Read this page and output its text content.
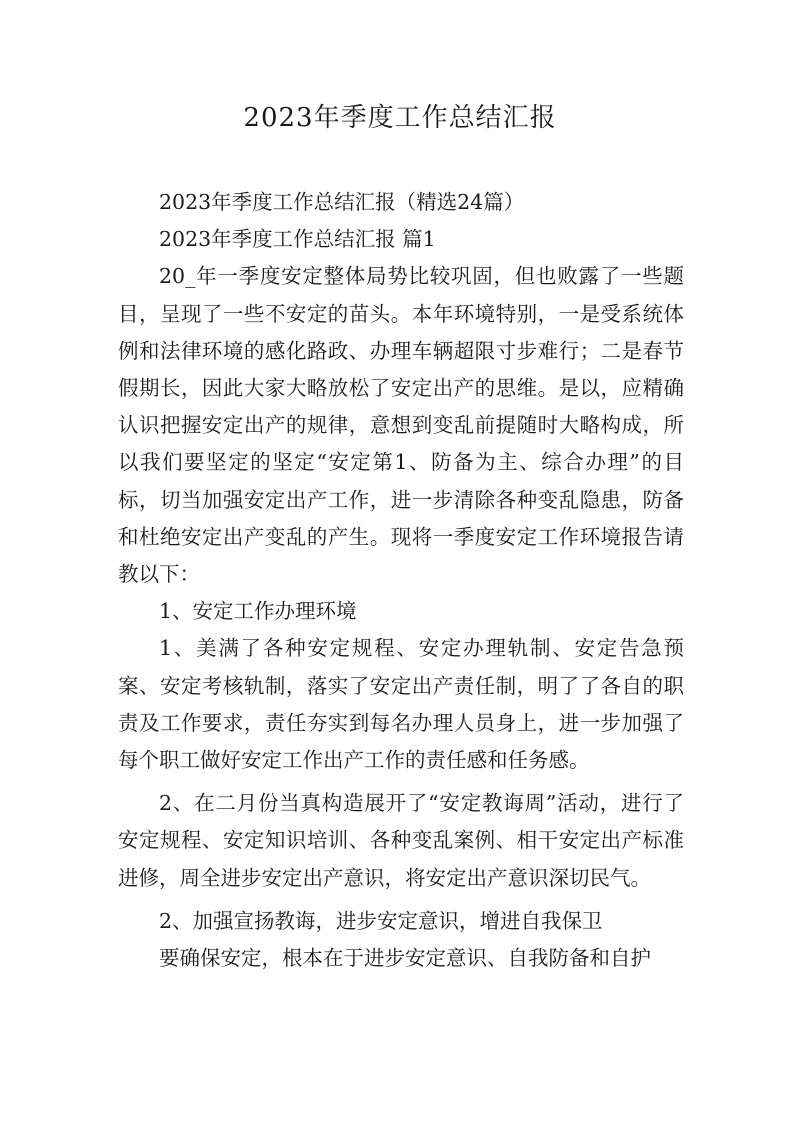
2023年季度工作总结汇报

2023年季度工作总结汇报（精选24篇）

2023年季度工作总结汇报 篇1

20_年一季度安定整体局势比较巩固，但也败露了一些题目，呈现了一些不安定的苗头。本年环境特别，一是受系统体例和法律环境的感化路政、办理车辆超限寸步难行；二是春节假期长，因此大家大略放松了安定出产的思维。是以，应精确认识把握安定出产的规律，意想到变乱前提随时大略构成，所以我们要坚定的坚定“安定第1、防备为主、综合办理”的目标，切当加强安定出产工作，进一步清除各种变乱隐患，防备和杜绝安定出产变乱的产生。现将一季度安定工作环境报告请教以下：

1、安定工作办理环境

1、美满了各种安定规程、安定办理轨制、安定告急预案、安定考核轨制，落实了安定出产责任制，明了了各自的职责及工作要求，责任夯实到每名办理人员身上，进一步加强了每个职工做好安定工作出产工作的责任感和任务感。

2、在二月份当真构造展开了“安定教诲周”活动，进行了安定规程、安定知识培训、各种变乱案例、相干安定出产标准进修，周全进步安定出产意识，将安定出产意识深切民气。

2、加强宣扬教诲，进步安定意识，增进自我保卫

要确保安定，根本在于进步安定意识、自我防备和自护
